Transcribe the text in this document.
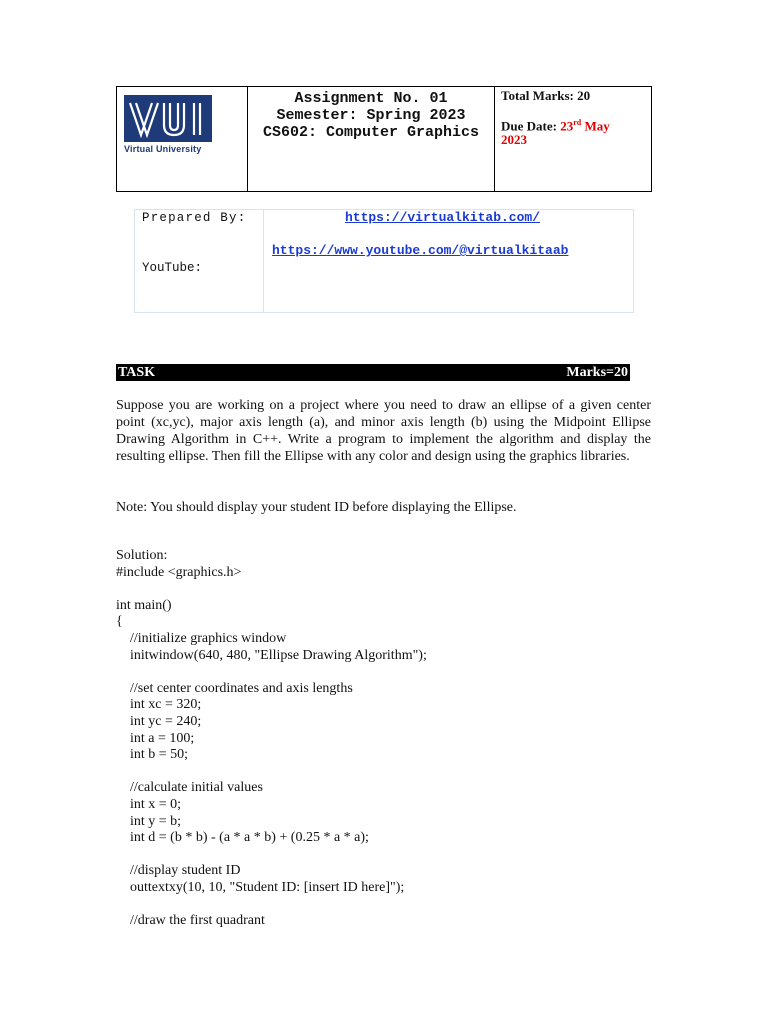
Virtual University
Assignment No. 01
Semester: Spring 2023
CS602: Computer Graphics
Total Marks: 20
Due Date: 23rd May
2023
Prepared By:
YouTube:
https://virtualkitab.com/
https://www.youtube.com/@virtualkitaab
TASK	Marks=20
Suppose you are working on a project where you need to draw an ellipse of a given center point (xc,yc), major axis length (a), and minor axis length (b) using the Midpoint Ellipse Drawing Algorithm in C++. Write a program to implement the algorithm and display the resulting ellipse. Then fill the Ellipse with any color and design using the graphics libraries.
Note: You should display your student ID before displaying the Ellipse.
Solution:
#include <graphics.h>
int main()
{
//initialize graphics window
initwindow(640, 480, "Ellipse Drawing Algorithm");
//set center coordinates and axis lengths
int xc = 320;
int yc = 240;
int a = 100;
int b = 50;
//calculate initial values
int x = 0;
int y = b;
int d = (b * b) - (a * a * b) + (0.25 * a * a);
//display student ID
outtextxy(10, 10, "Student ID: [insert ID here]");
//draw the first quadrant
